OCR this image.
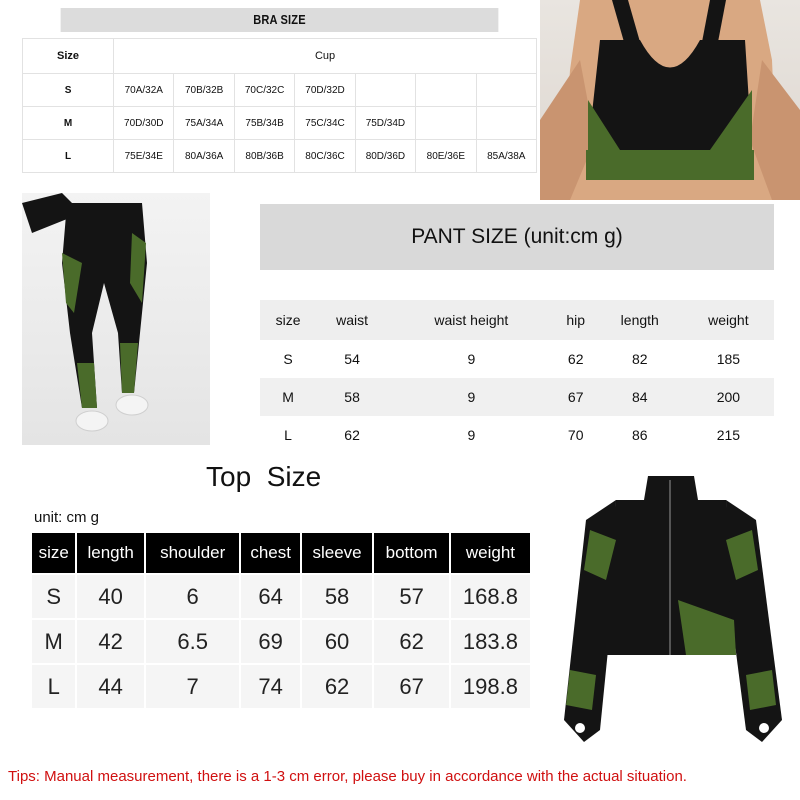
BRA SIZE
Size	Cup						
S	70A/32A	70B/32B	70C/32C	70D/32D			
M	70D/30D	75A/34A	75B/34B	75C/34C	75D/34D		
L	75E/34E	80A/36A	80B/36B	80C/36C	80D/36D	80E/36E	85A/38A
PANT SIZE (unit:cm g)
size	waist	waist height	hip	length	weight
S	54	9	62	82	185
M	58	9	67	84	200
L	62	9	70	86	215
Top  Size
unit: cm g
size	length	shoulder	chest	sleeve	bottom	weight
S	40	6	64	58	57	168.8
M	42	6.5	69	60	62	183.8
L	44	7	74	62	67	198.8
Tips: Manual measurement, there is a 1-3 cm error, please buy in accordance with the actual situation.
